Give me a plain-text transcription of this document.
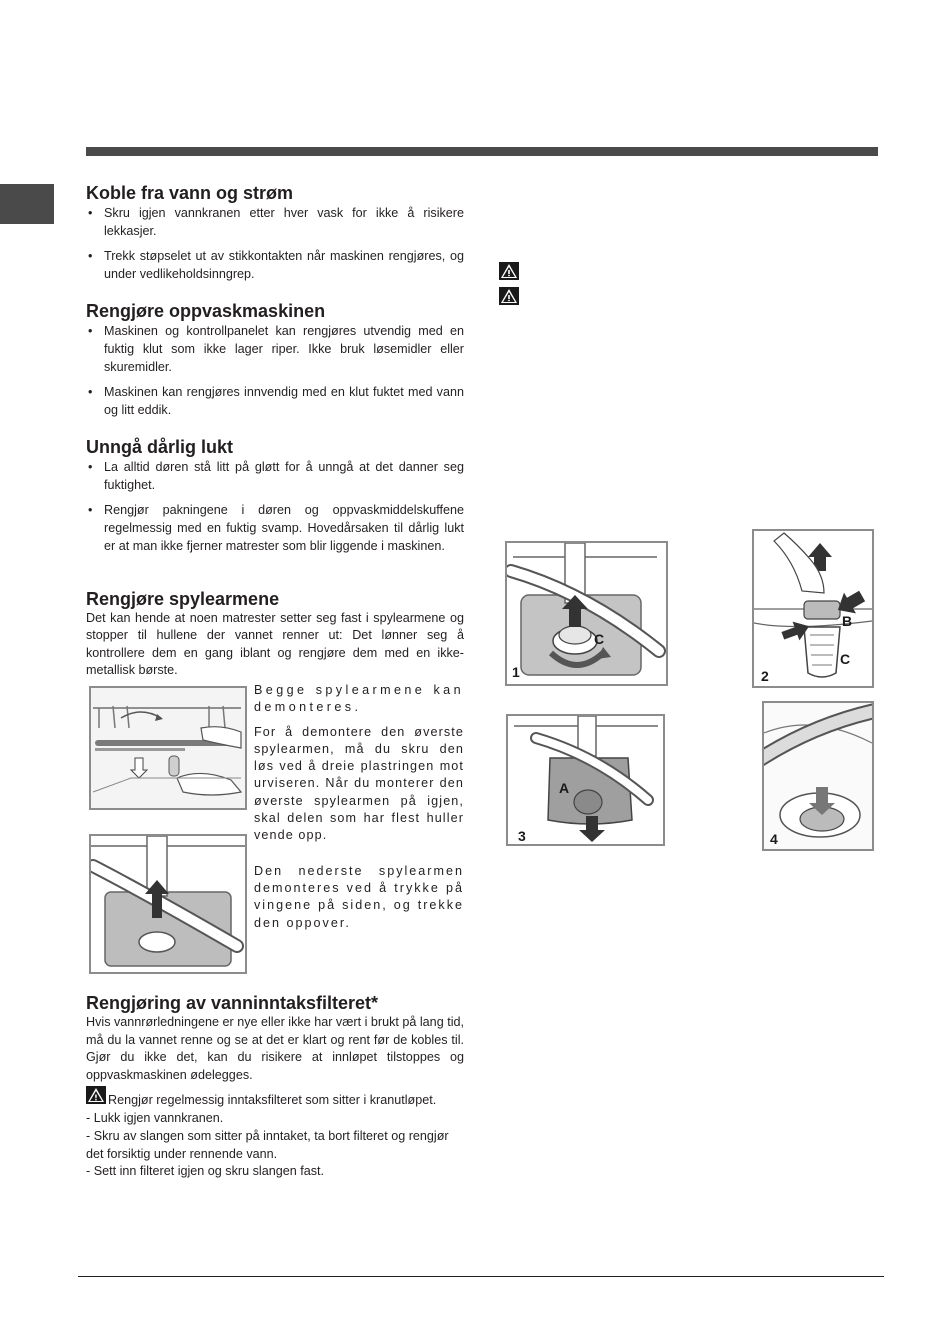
Koble fra vann og strøm

• Skru igjen vannkranen etter hver vask for ikke å risikere lekkasjer.

• Trekk støpselet ut av stikkontakten når maskinen rengjøres, og under vedlikeholdsinngrep.

Rengjøre oppvaskmaskinen

• Maskinen og kontrollpanelet kan rengjøres utvendig med en fuktig klut som ikke lager riper. Ikke bruk løsemidler eller skuremidler.

• Maskinen kan rengjøres innvendig med en klut fuktet med vann og litt eddik.

Unngå dårlig lukt

• La alltid døren stå litt på gløtt for å unngå at det danner seg fuktighet.

• Rengjør pakningene i døren og oppvaskmiddelskuffene regelmessig med en fuktig svamp. Hovedårsaken til dårlig lukt er at man ikke fjerner matrester som blir liggende i maskinen.

Rengjøre spylearmene

Det kan hende at noen matrester setter seg fast i spylearmene og stopper til hullene der vannet renner ut: Det lønner seg å kontrollere dem en gang iblant og rengjøre dem med en ikke-metallisk børste.

Begge spylearmene kan demonteres.

For å demontere den øverste spylearmen, må du skru den løs ved å dreie plastringen mot urviseren. Når du monterer den øverste spylearmen på igjen, skal delen som har flest huller vende opp.

Den nederste spylearmen demonteres ved å trykke på vingene på siden, og trekke den oppover.

Rengjøring av vanninntaksfilteret*

Hvis vannrørledningene er nye eller ikke har vært i brukt på lang tid, må du la vannet renne og se at det er klart og rent før de kobles til. Gjør du ikke det, kan du risikere at innløpet tilstoppes og oppvaskmaskinen ødelegges.

! Rengjør regelmessig inntaksfilteret som sitter i kranutløpet.

- Lukk igjen vannkranen.

- Skru av slangen som sitter på inntaket, ta bort filteret og rengjør det forsiktig under rennende vann.

- Sett inn filteret igjen og skru slangen fast.

1
C
2
B
C
3
A
4
